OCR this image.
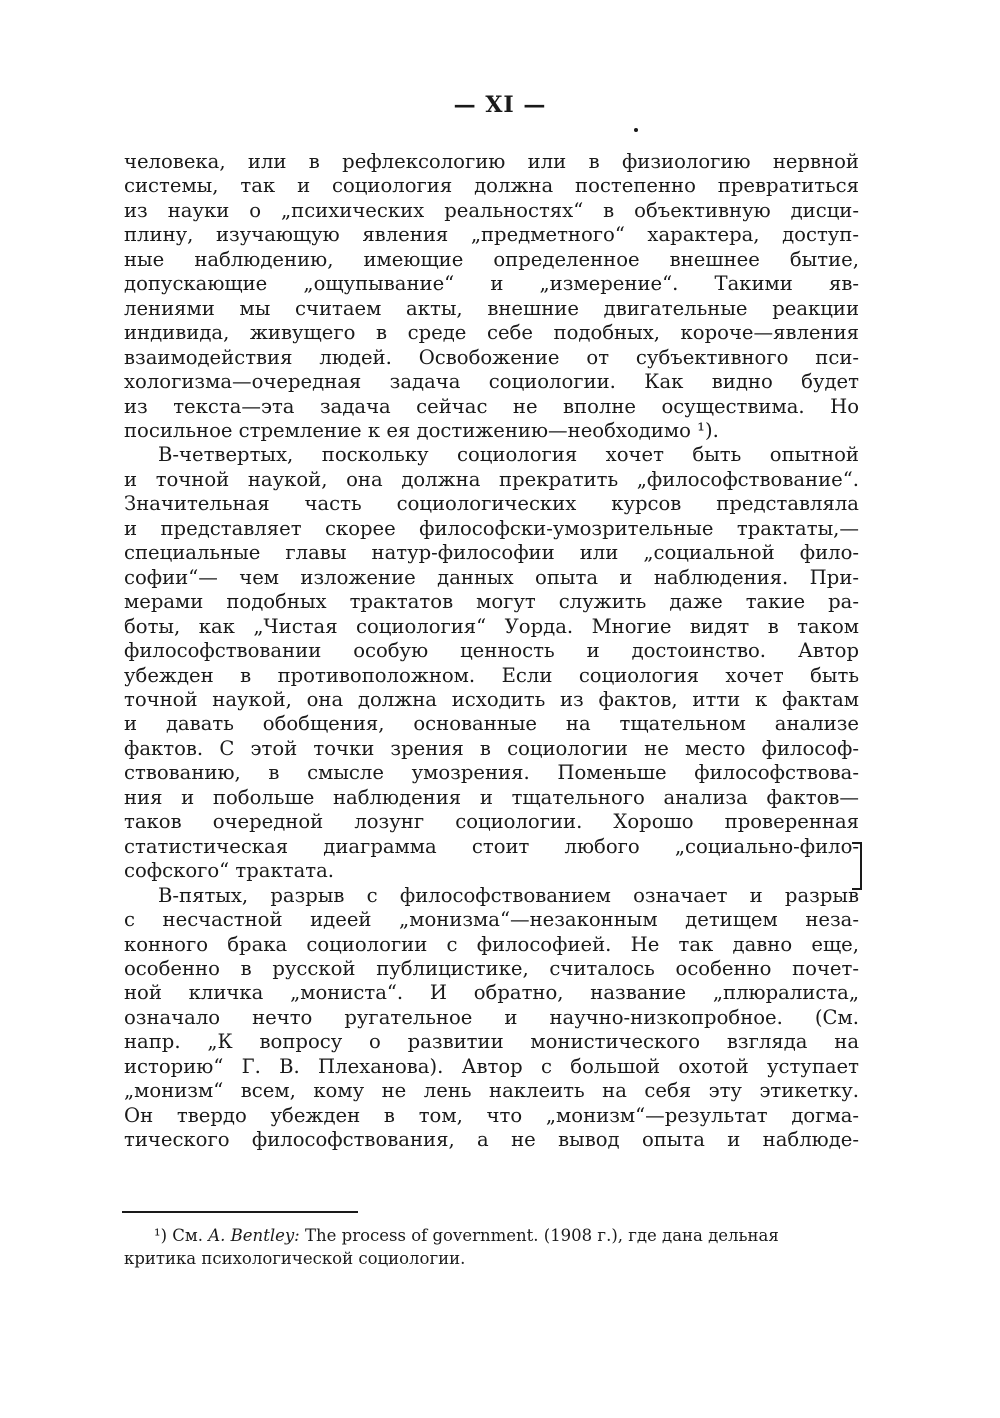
— XI —

человека, или в рефлексологию или в физиологию нервной
системы, так и социология должна постепенно превратиться
из науки о „психических реальностях“ в объективную дисци-
плину, изучающую явления „предметного“ характера, доступ-
ные наблюдению, имеющие определенное внешнее бытие,
допускающие „ощупывание“ и „измерение“. Такими яв-
лениями мы считаем акты, внешние двигательные реакции
индивида, живущего в среде себе подобных, короче—явления
взаимодействия людей. Освобожение от субъективного пси-
хологизма—очередная задача социологии. Как видно будет
из текста—эта задача сейчас не вполне осуществима. Но
посильное стремление к ея достижению—необходимо ¹).

В-четвертых, поскольку социология хочет быть опытной
и точной наукой, она должна прекратить „философствование“.
Значительная часть социологических курсов представляла
и представляет скорее философски-умозрительные трактаты,—
специальные главы натур-философии или „социальной фило-
софии“— чем изложение данных опыта и наблюдения. При-
мерами подобных трактатов могут служить даже такие ра-
боты, как „Чистая социология“ Уорда. Многие видят в таком
философствовании особую ценность и достоинство. Автор
убежден в противоположном. Если социология хочет быть
точной наукой, она должна исходить из фактов, итти к фактам
и давать обобщения, основанные на тщательном анализе
фактов. С этой точки зрения в социологии не место философ-
ствованию, в смысле умозрения. Поменьше философствова-
ния и побольше наблюдения и тщательного анализа фактов—
таков очередной лозунг социологии. Хорошо проверенная
статистическая диаграмма стоит любого „социально-фило-
софского“ трактата.

В-пятых, разрыв с философствованием означает и разрыв
с несчастной идеей „монизма“—незаконным детищем неза-
конного брака социологии с философией. Не так давно еще,
особенно в русской публицистике, считалось особенно почет-
ной кличка „мониста“. И обратно, название „плюралиста„
означало нечто ругательное и научно-низкопробное. (См.
напр. „К вопросу о развитии монистического взгляда на
историю“ Г. В. Плеханова). Автор с большой охотой уступает
„монизм“ всем, кому не лень наклеить на себя эту этикетку.
Он твердо убежден в том, что „монизм“—результат догма-
тического философствования, а не вывод опыта и наблюде-

¹) См. A. Bentley: The process of government. (1908 г.), где дана дельная
критика психологической социологии.
